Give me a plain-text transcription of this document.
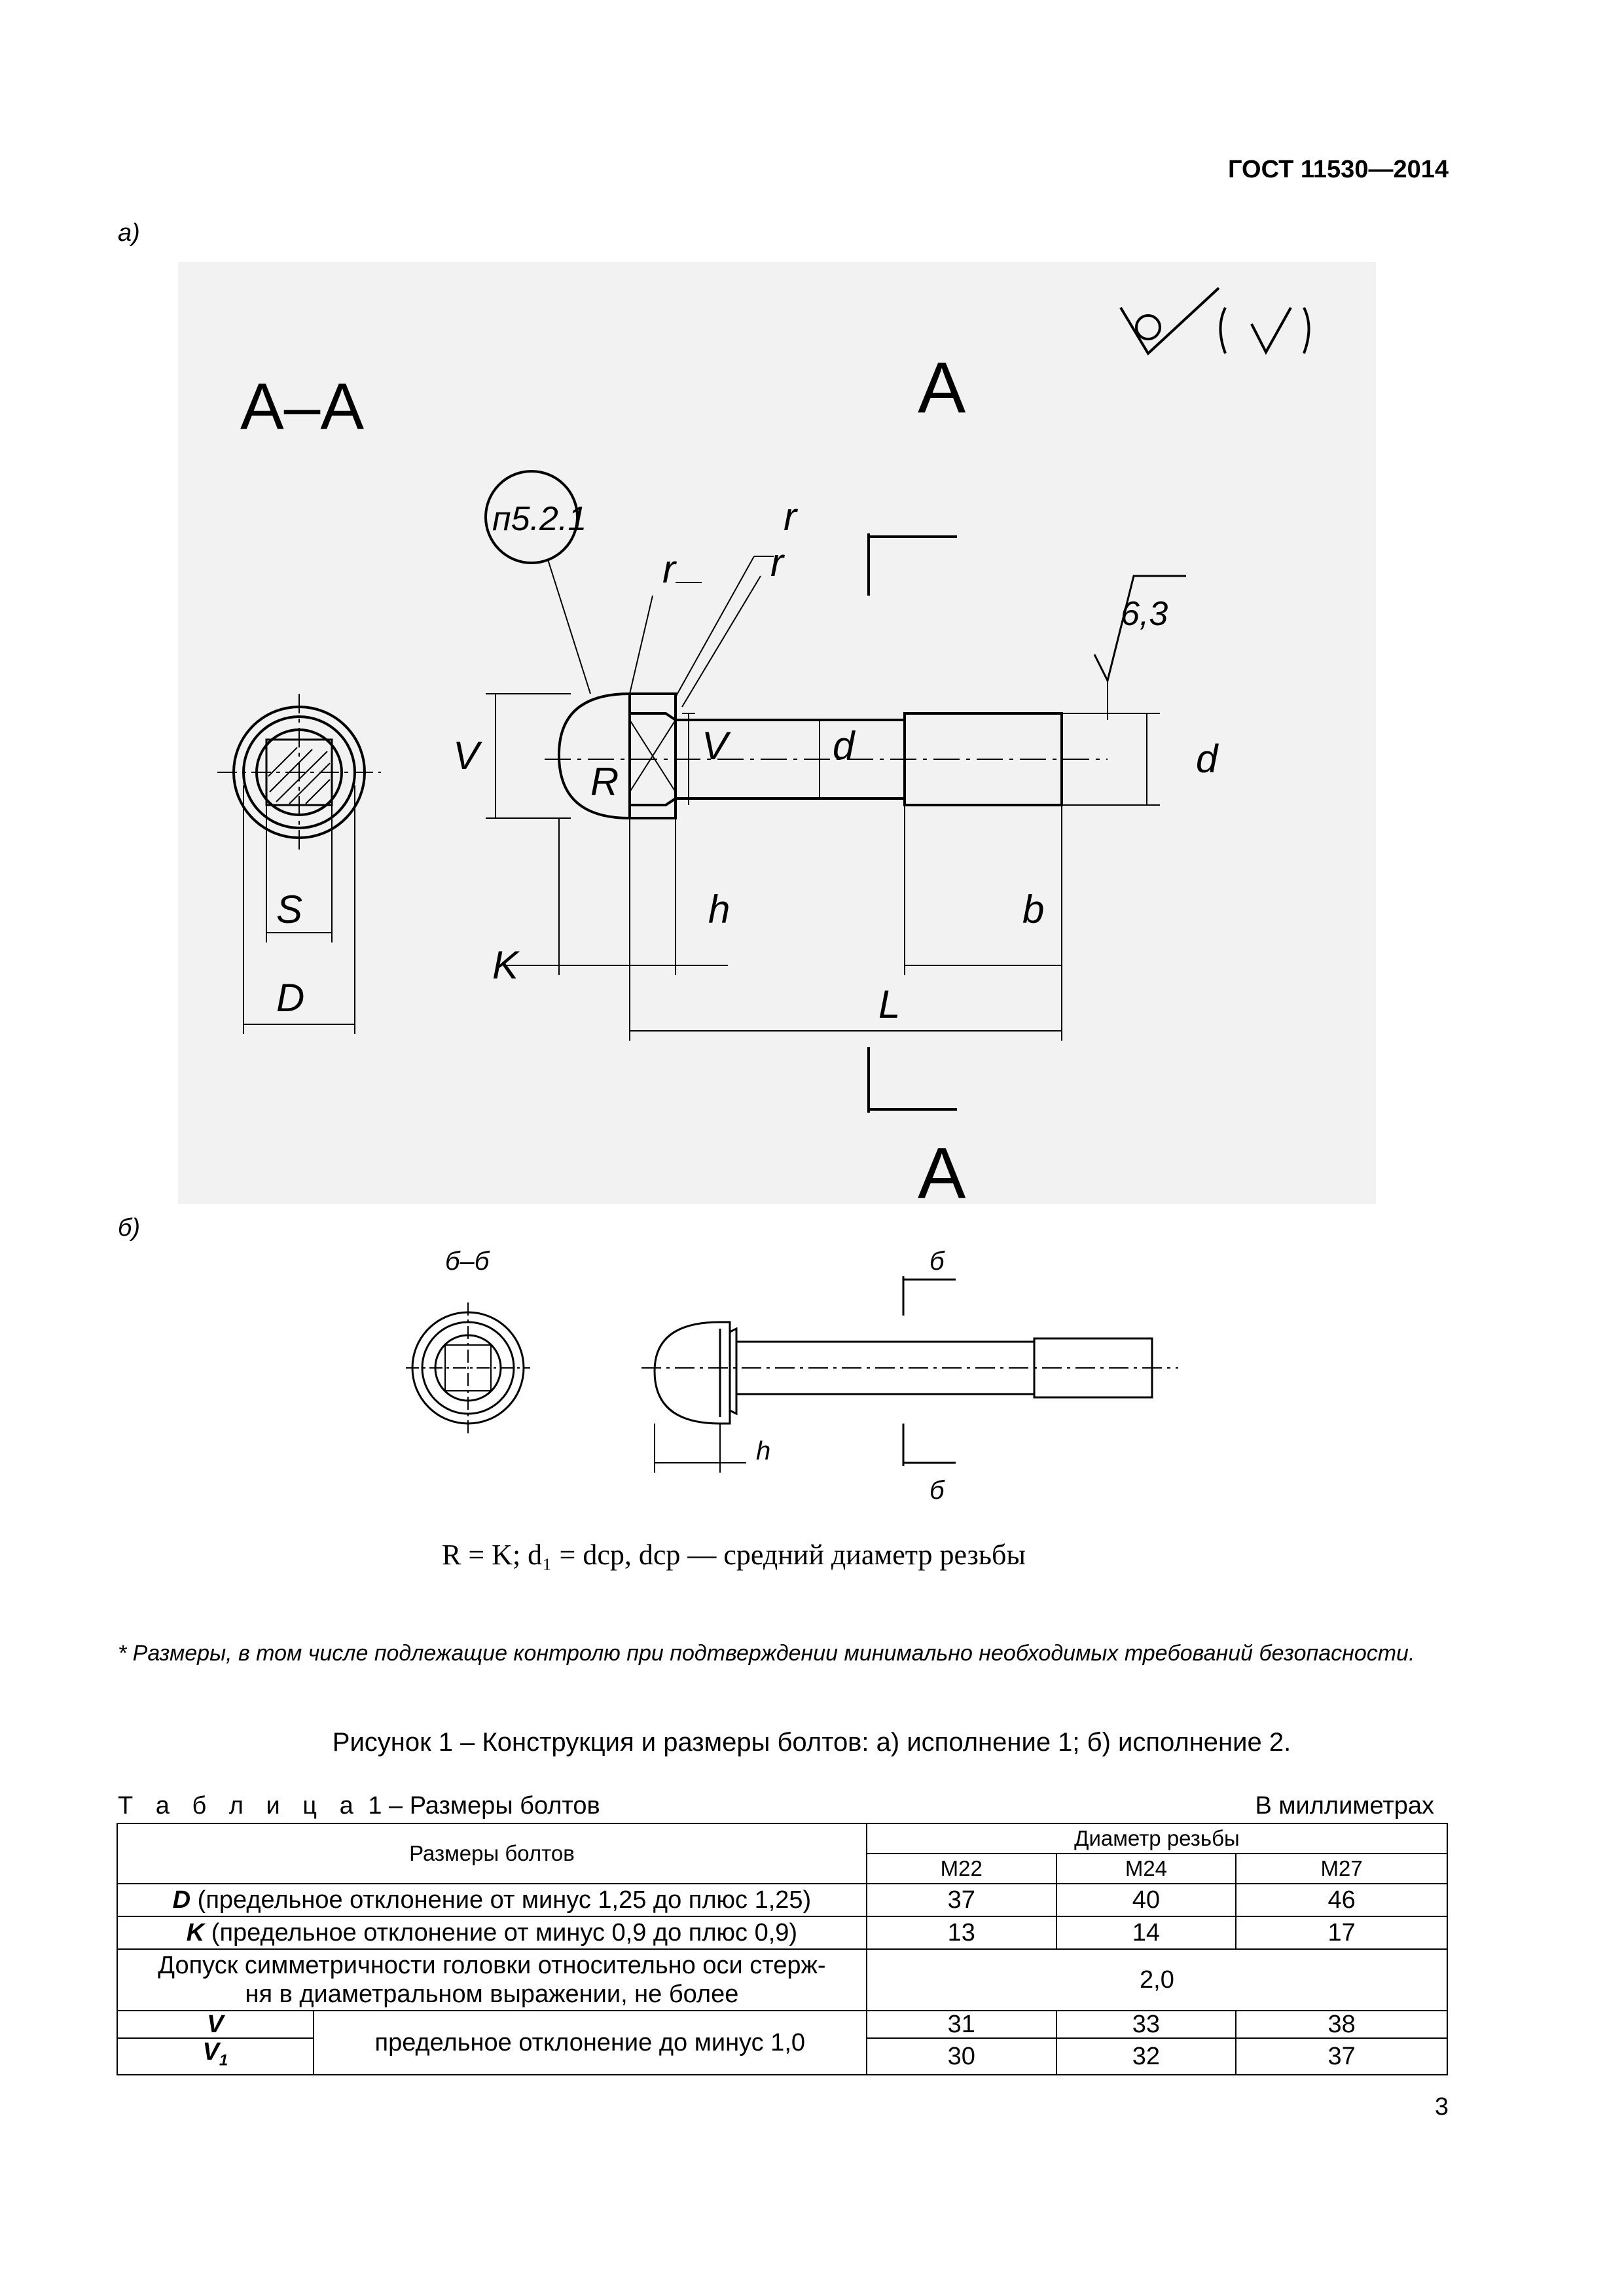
ГОСТ 11530—2014
а)
А–А
п5.2.1
А
А
S
D
K
h	b
L
V
R
r
r
r
d	d
V
6,3
б)
б–б	б
б
h
R = K; d₁ = dср, dср — средний диаметр резьбы
* Размеры, в том числе подлежащие контролю при подтверждении минимально необходимых требований безопасности.
Рисунок 1 – Конструкция и размеры болтов: а) исполнение 1; б) исполнение 2.
Т а б л и ц а 1 – Размеры болтов	В миллиметрах
Размеры болтов		Диаметр резьбы		
		М22	М24	М27
D (предельное отклонение от минус 1,25 до плюс 1,25)		37	40	46
K (предельное отклонение от минус 0,9 до плюс 0,9)		13	14	17
Допуск симметричности головки относительно оси стерж-
ня в диаметральном выражении, не более		2,0		
V	предельное отклонение до минус 1,0	31	33	38
$V_1$		30	32	37
3
